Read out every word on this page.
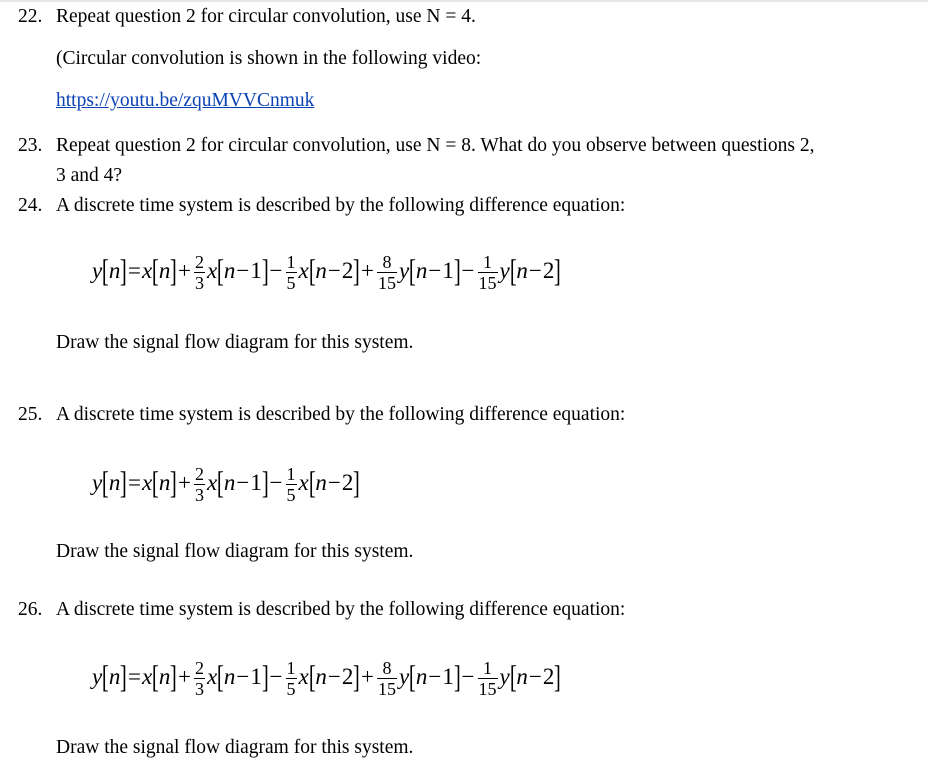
22. Repeat question 2 for circular convolution, use N = 4.
(Circular convolution is shown in the following video:
https://youtu.be/zquMVVCnmuk
23. Repeat question 2 for circular convolution, use N = 8. What do you observe between questions 2,
3 and 4?
24. A discrete time system is described by the following difference equation:
y [ n ] = x [ n ] + $\frac{2}{3}$ x [ n − 1 ] − $\frac{1}{5}$ x [ n − 2 ] + $\frac{8}{15}$ y [ n − 1 ] − $\frac{1}{15}$ y [ n − 2 ]
Draw the signal flow diagram for this system.
25. A discrete time system is described by the following difference equation:
y [ n ] = x [ n ] + $\frac{2}{3}$ x [ n − 1 ] − $\frac{1}{5}$ x [ n − 2 ]
Draw the signal flow diagram for this system.
26. A discrete time system is described by the following difference equation:
y [ n ] = x [ n ] + $\frac{2}{3}$ x [ n − 1 ] − $\frac{1}{5}$ x [ n − 2 ] + $\frac{8}{15}$ y [ n − 1 ] − $\frac{1}{15}$ y [ n − 2 ]
Draw the signal flow diagram for this system.
